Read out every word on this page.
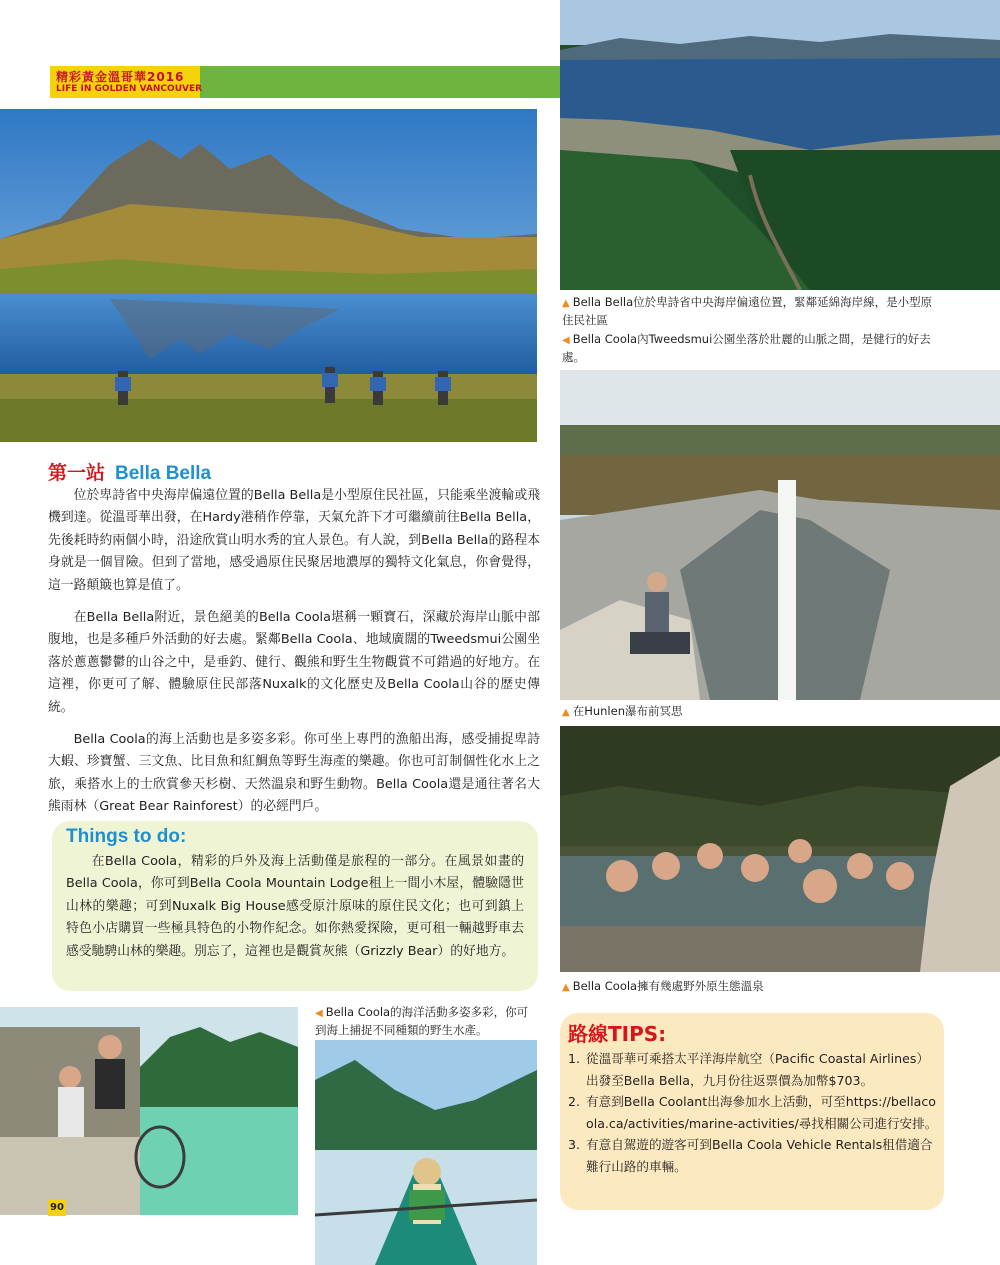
精彩黃金溫哥華2016
LIFE IN GOLDEN VANCOUVER
▲ Bella Bella位於卑詩省中央海岸偏遠位置，緊鄰延綿海岸線，是小型原住民社區
◀ Bella Coola內Tweedsmui公園坐落於壯麗的山脈之間，是健行的好去處。
▲ 在Hunlen瀑布前冥思
▲ Bella Coola擁有幾處野外原生態溫泉
第一站 Bella Bella

位於卑詩省中央海岸偏遠位置的Bella Bella是小型原住民社區，只能乘坐渡輪或飛機到達。從溫哥華出發，在Hardy港稍作停靠，天氣允許下才可繼續前往Bella Bella，先後耗時約兩個小時，沿途欣賞山明水秀的宜人景色。有人說，到Bella Bella的路程本身就是一個冒險。但到了當地，感受過原住民聚居地濃厚的獨特文化氣息，你會覺得，這一路顛簸也算是值了。

在Bella Bella附近，景色絕美的Bella Coola堪稱一顆寶石，深藏於海岸山脈中部腹地，也是多種戶外活動的好去處。緊鄰Bella Coola、地域廣闊的Tweedsmui公園坐落於蔥蔥鬱鬱的山谷之中，是垂釣、健行、觀熊和野生生物觀賞不可錯過的好地方。在這裡，你更可了解、體驗原住民部落Nuxalk的文化歷史及Bella Coola山谷的歷史傳統。

Bella Coola的海上活動也是多姿多彩。你可坐上專門的漁船出海，感受捕捉卑詩大蝦、珍寶蟹、三文魚、比目魚和紅鯛魚等野生海產的樂趣。你也可訂制個性化水上之旅，乘搭水上的士欣賞參天杉樹、天然溫泉和野生動物。Bella Coola還是通往著名大熊雨林（Great Bear Rainforest）的必經門戶。

Things to do:

在Bella Coola，精彩的戶外及海上活動僅是旅程的一部分。在風景如畫的Bella Coola，你可到Bella Coola Mountain Lodge租上一間小木屋，體驗隱世山林的樂趣；可到Nuxalk Big House感受原汁原味的原住民文化；也可到鎮上特色小店購買一些極具特色的小物作紀念。如你熱愛探險，更可租一輛越野車去感受馳騁山林的樂趣。別忘了，這裡也是觀賞灰熊（Grizzly Bear）的好地方。

90
◀ Bella Coola的海洋活動多姿多彩，你可到海上捕捉不同種類的野生水產。	路線TIPS:
1. 從溫哥華可乘搭太平洋海岸航空（Pacific Coastal Airlines）出發至Bella Bella，九月份往返票價為加幣$703。
2. 有意到Bella Coolant出海參加水上活動，可至https://bellacoola.ca/activities/marine-activities/尋找相關公司進行安排。
3. 有意自駕遊的遊客可到Bella Coola Vehicle Rentals租借適合難行山路的車輛。
